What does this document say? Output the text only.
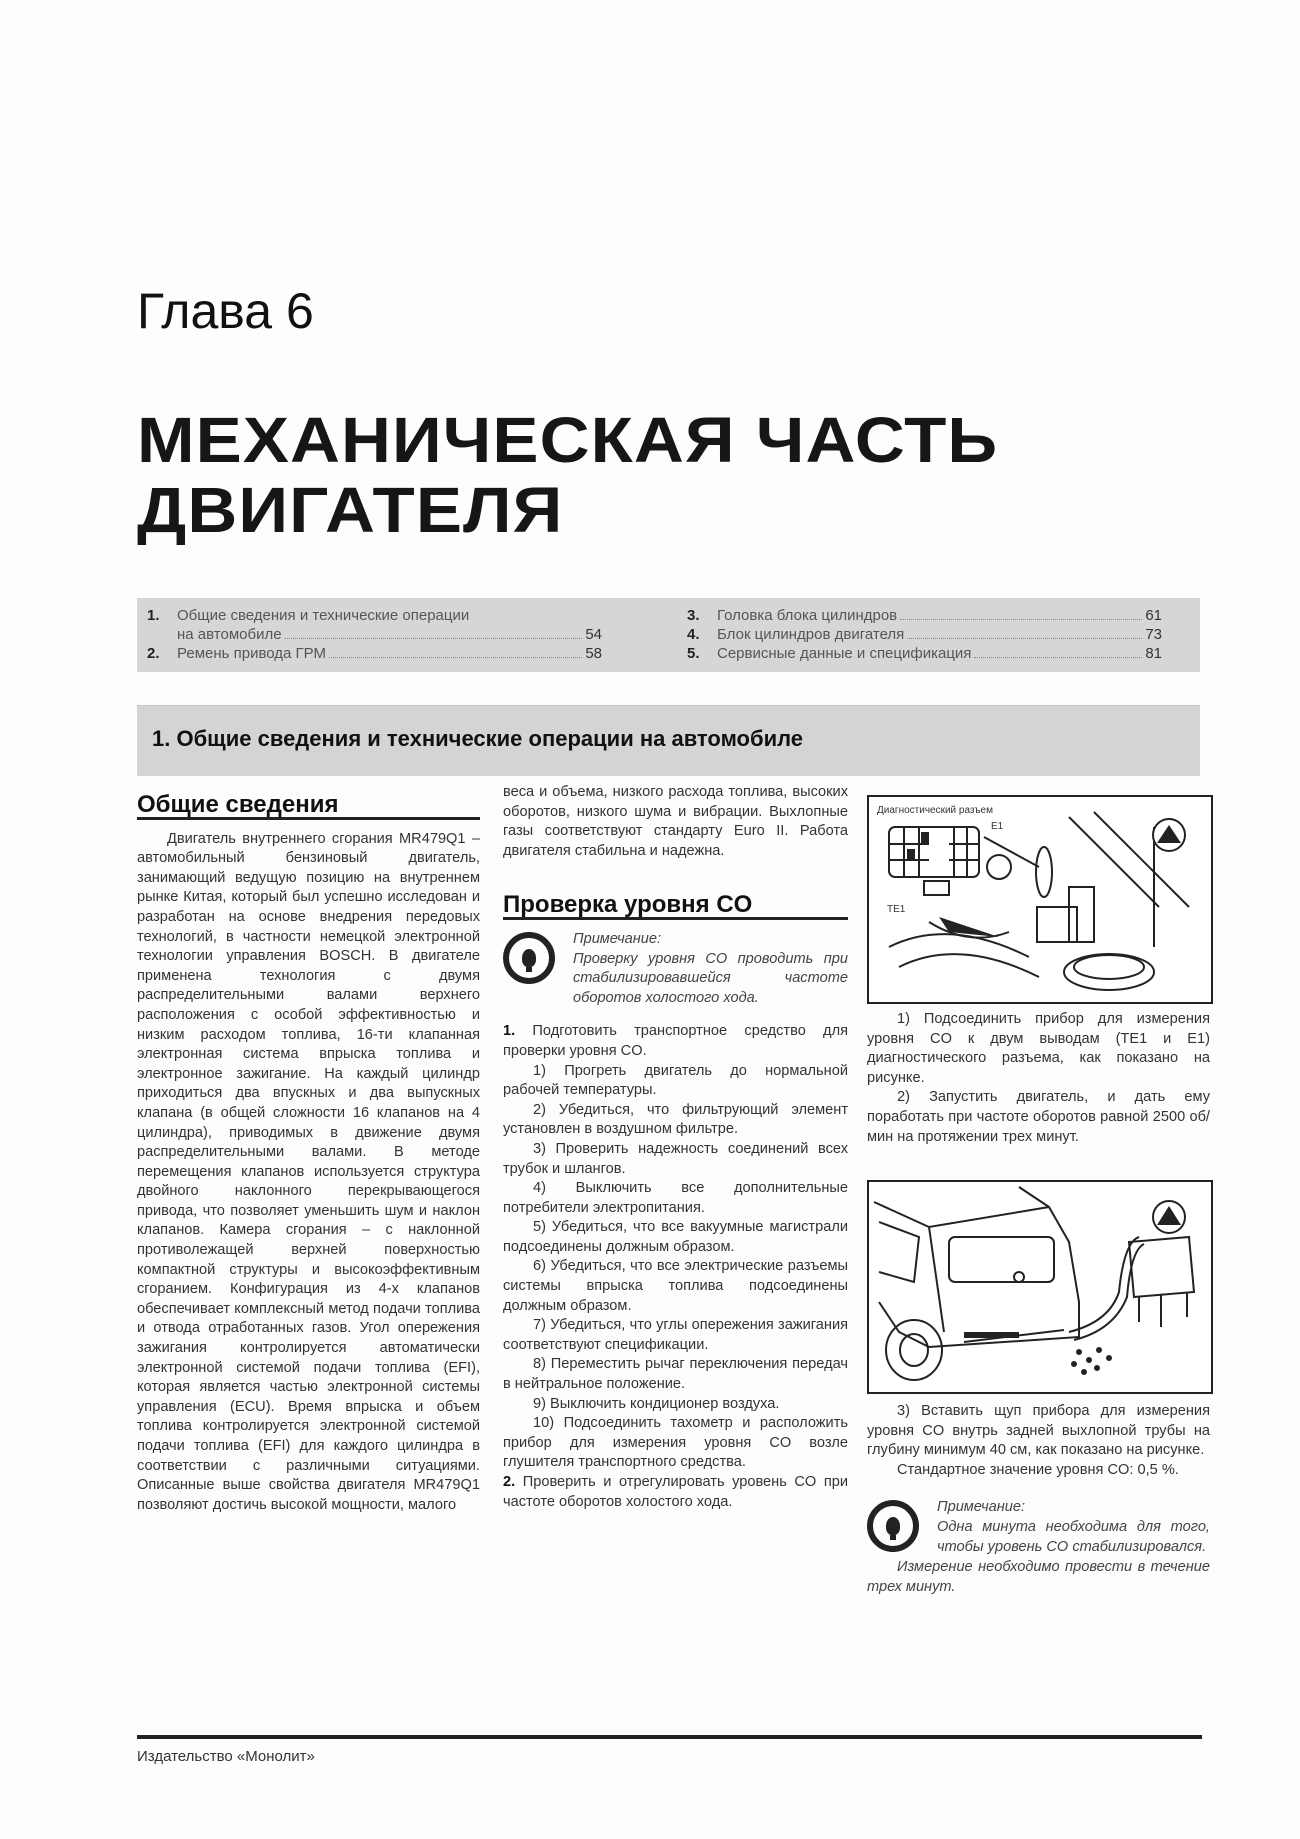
Глава 6
МЕХАНИЧЕСКАЯ ЧАСТЬ
ДВИГАТЕЛЯ
1.	Общие сведения и технические операции
на автомобиле	54
2.	Ремень привода ГРМ	58
3.	Головка блока цилиндров	61
4.	Блок цилиндров двигателя	73
5.	Сервисные данные и спецификация	81
1. Общие сведения и технические операции на автомобиле
Общие сведения

Двигатель внутреннего сгорания MR479Q1 – автомобильный бензиновый двигатель, занимающий ведущую позицию на внутреннем рынке Китая, который был успешно исследован и разработан на основе внедрения передовых технологий, в частности немецкой электронной технологии управления BOSCH. В двигателе применена технология с двумя распределительными валами верхнего расположения с особой эффективностью и низким расходом топлива, 16-ти клапанная электронная система впрыска топлива и электронное зажигание. На каждый цилиндр приходиться два впускных и два выпускных клапана (в общей сложности 16 клапанов на 4 цилиндра), приводимых в движение двумя распределительными валами. В методе перемещения клапанов используется структура двойного наклонного перекрывающегося привода, что позволяет уменьшить шум и наклон клапанов. Камера сгорания – с наклонной противолежащей верхней поверхностью компактной структуры и высокоэффективным сгоранием. Конфигурация из 4-х клапанов обеспечивает комплексный метод подачи топлива и отвода отработанных газов. Угол опережения зажигания контролируется автоматически электронной системой подачи топлива (EFI), которая является частью электронной системы управления (ECU). Время впрыска и объем топлива контролируется электронной системой подачи топлива (EFI) для каждого цилиндра в соответствии с различными ситуациями. Описанные выше свойства двигателя MR479Q1 позволяют достичь высокой мощности, малого

веса и объема, низкого расхода топлива, высоких оборотов, низкого шума и вибрации. Выхлопные газы соответствуют стандарту Euro II. Работа двигателя стабильна и надежна.

Проверка уровня CO
Примечание:
Проверку уровня CO проводить при стабилизировавшейся частоте оборотов холостого хода.

1. Подготовить транспортное средство для проверки уровня CO.

1) Прогреть двигатель до нормальной рабочей температуры.

2) Убедиться, что фильтрующий элемент установлен в воздушном фильтре.

3) Проверить надежность соединений всех трубок и шлангов.

4) Выключить все дополнительные потребители электропитания.

5) Убедиться, что все вакуумные магистрали подсоединены должным образом.

6) Убедиться, что все электрические разъемы системы впрыска топлива подсоединены должным образом.

7) Убедиться, что углы опережения зажигания соответствуют спецификации.

8) Переместить рычаг переключения передач в нейтральное положение.

9) Выключить кондиционер воздуха.

10) Подсоединить тахометр и расположить прибор для измерения уровня CO возле глушителя транспортного средства.

2. Проверить и отрегулировать уровень CO при частоте оборотов холостого хода.

Диагностический разъем
E1
TE1

1) Подсоединить прибор для измерения уровня CO к двум выводам (TE1 и E1) диагностического разъема, как показано на рисунке.

2) Запустить двигатель, и дать ему поработать при частоте оборотов равной 2500 об/мин на протяжении трех минут.

3) Вставить щуп прибора для измерения уровня CO внутрь задней выхлопной трубы на глубину минимум 40 см, как показано на рисунке.

Стандартное значение уровня CO: 0,5 %.

Примечание:
Одна минута необходима для того, чтобы уровень CO стабилизировался.

Измерение необходимо провести в течение трех минут.

Издательство «Монолит»
